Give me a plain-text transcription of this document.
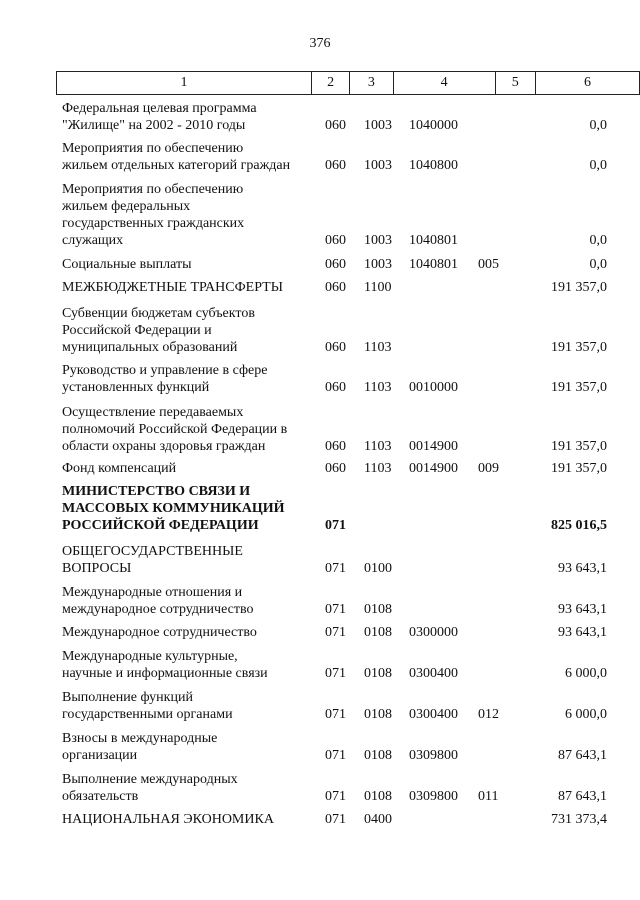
376
1	2	3	4	5	6
Федеральная целевая программа
"Жилище" на 2002 - 2010 годы	060 1003 1040000	0,0
Мероприятия по обеспечению
жильем отдельных категорий граждан	060 1003 1040800	0,0
Мероприятия по обеспечению
жильем федеральных
государственных гражданских
служащих	060 1003 1040801	0,0
Социальные выплаты	060 1003 1040801 005	0,0
МЕЖБЮДЖЕТНЫЕ ТРАНСФЕРТЫ	060 1100	191 357,0
Субвенции бюджетам субъектов
Российской Федерации и
муниципальных образований	060 1103	191 357,0
Руководство и управление в сфере
установленных функций	060 1103 0010000	191 357,0
Осуществление передаваемых
полномочий Российской Федерации в
области охраны здоровья граждан	060 1103 0014900	191 357,0
Фонд компенсаций	060 1103 0014900 009	191 357,0
МИНИСТЕРСТВО СВЯЗИ И
МАССОВЫХ КОММУНИКАЦИЙ
РОССИЙСКОЙ ФЕДЕРАЦИИ	071	825 016,5
ОБЩЕГОСУДАРСТВЕННЫЕ
ВОПРОСЫ	071 0100	93 643,1
Международные отношения и
международное сотрудничество	071 0108	93 643,1
Международное сотрудничество	071 0108 0300000	93 643,1
Международные культурные,
научные и информационные связи	071 0108 0300400	6 000,0
Выполнение функций
государственными органами	071 0108 0300400 012	6 000,0
Взносы в международные
организации	071 0108 0309800	87 643,1
Выполнение международных
обязательств	071 0108 0309800 011	87 643,1
НАЦИОНАЛЬНАЯ ЭКОНОМИКА	071 0400	731 373,4
